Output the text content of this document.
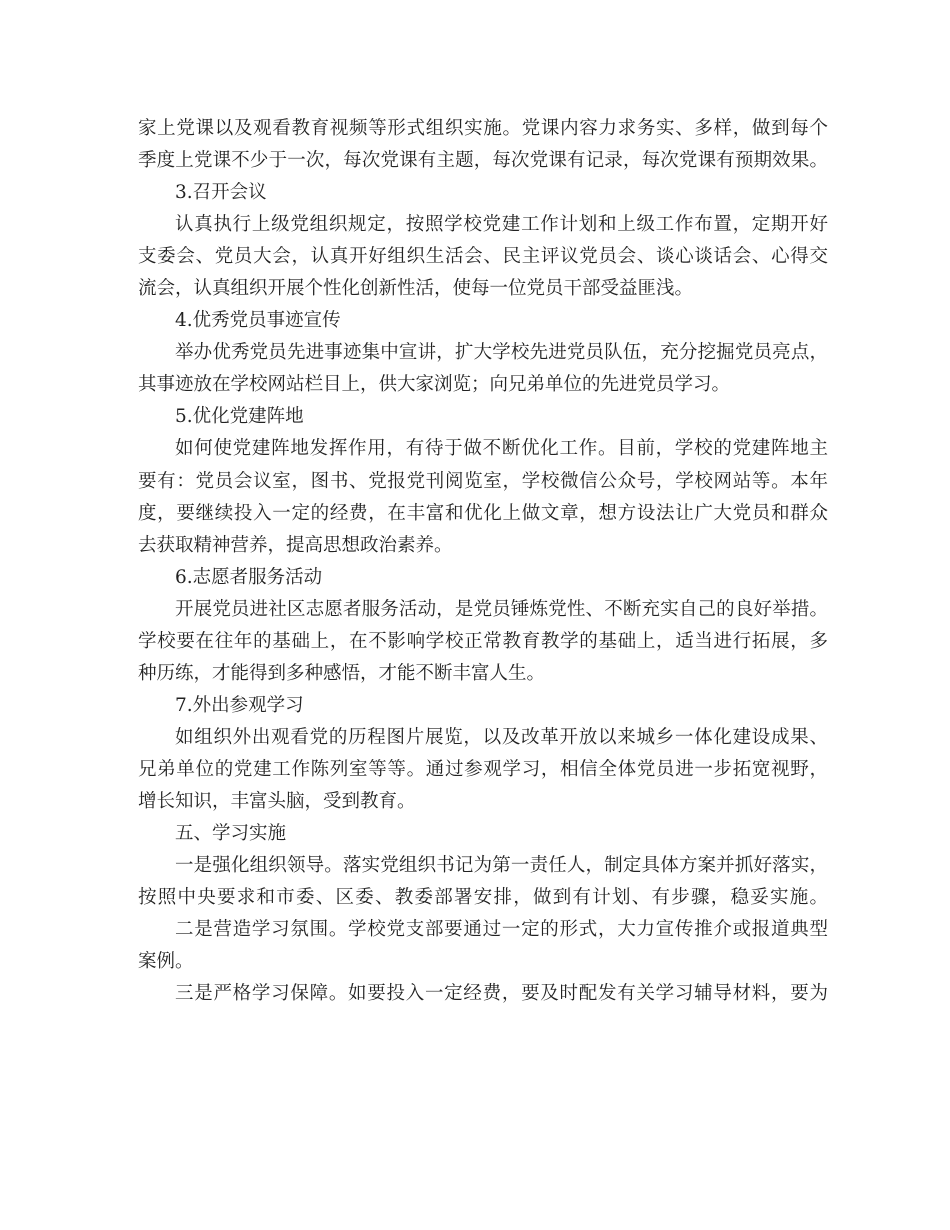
家上党课以及观看教育视频等形式组织实施。党课内容力求务实、多样，做到每个
季度上党课不少于一次，每次党课有主题，每次党课有记录，每次党课有预期效果。
3.召开会议
认真执行上级党组织规定，按照学校党建工作计划和上级工作布置，定期开好
支委会、党员大会，认真开好组织生活会、民主评议党员会、谈心谈话会、心得交
流会，认真组织开展个性化创新性活，使每一位党员干部受益匪浅。
4.优秀党员事迹宣传
举办优秀党员先进事迹集中宣讲，扩大学校先进党员队伍，充分挖掘党员亮点，
其事迹放在学校网站栏目上，供大家浏览；向兄弟单位的先进党员学习。
5.优化党建阵地
如何使党建阵地发挥作用，有待于做不断优化工作。目前，学校的党建阵地主
要有：党员会议室，图书、党报党刊阅览室，学校微信公众号，学校网站等。本年
度，要继续投入一定的经费，在丰富和优化上做文章，想方设法让广大党员和群众
去获取精神营养，提高思想政治素养。
6.志愿者服务活动
开展党员进社区志愿者服务活动，是党员锤炼党性、不断充实自己的良好举措。
学校要在往年的基础上，在不影响学校正常教育教学的基础上，适当进行拓展，多
种历练，才能得到多种感悟，才能不断丰富人生。
7.外出参观学习
如组织外出观看党的历程图片展览，以及改革开放以来城乡一体化建设成果、
兄弟单位的党建工作陈列室等等。通过参观学习，相信全体党员进一步拓宽视野，
增长知识，丰富头脑，受到教育。
五、学习实施
一是强化组织领导。落实党组织书记为第一责任人，制定具体方案并抓好落实，
按照中央要求和市委、区委、教委部署安排，做到有计划、有步骤，稳妥实施。
二是营造学习氛围。学校党支部要通过一定的形式，大力宣传推介或报道典型
案例。
三是严格学习保障。如要投入一定经费，要及时配发有关学习辅导材料，要为
